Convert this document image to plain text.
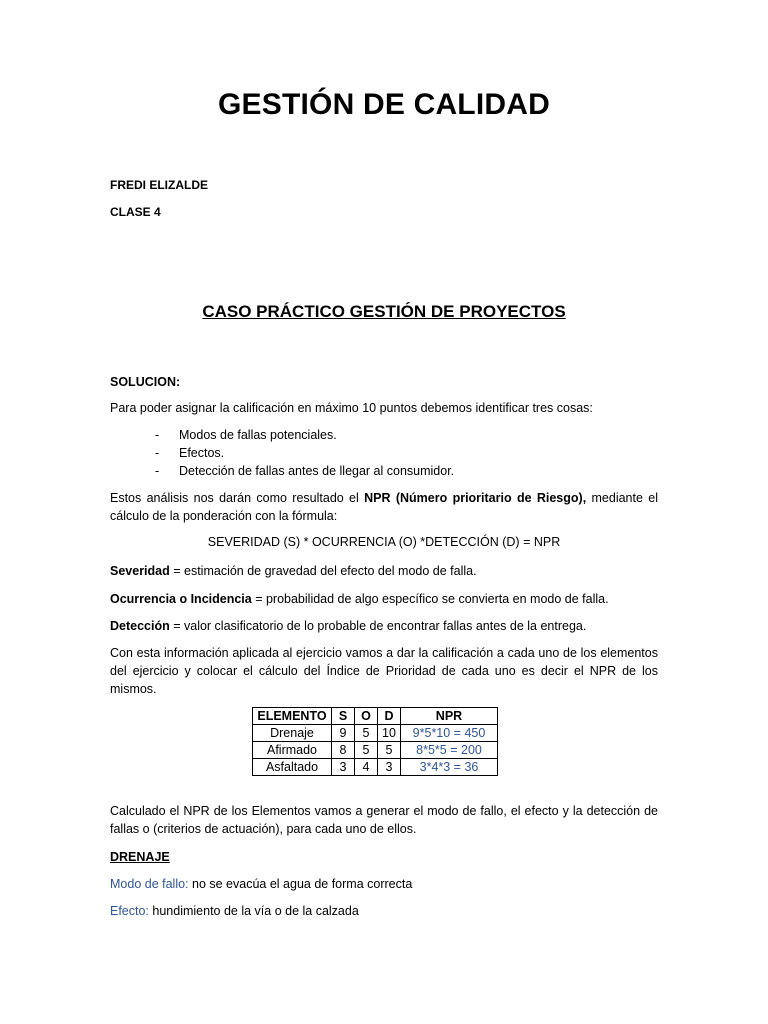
GESTIÓN DE CALIDAD
FREDI ELIZALDE
CLASE 4
CASO PRÁCTICO GESTIÓN DE PROYECTOS
SOLUCION:
Para poder asignar la calificación en máximo 10 puntos debemos identificar tres cosas:
- Modos de fallas potenciales.
- Efectos.
- Detección de fallas antes de llegar al consumidor.
Estos análisis nos darán como resultado el NPR (Número prioritario de Riesgo), mediante el cálculo de la ponderación con la fórmula:
SEVERIDAD (S) * OCURRENCIA (O) *DETECCIÓN (D) = NPR
Severidad = estimación de gravedad del efecto del modo de falla.
Ocurrencia o Incidencia = probabilidad de algo específico se convierta en modo de falla.
Detección = valor clasificatorio de lo probable de encontrar fallas antes de la entrega.
Con esta información aplicada al ejercicio vamos a dar la calificación a cada uno de los elementos del ejercicio y colocar el cálculo del Índice de Prioridad de cada uno es decir el NPR de los mismos.
ELEMENTO	S	O	D	NPR
Drenaje	9	5	10	9*5*10 = 450
Afirmado	8	5	5	8*5*5 = 200
Asfaltado	3	4	3	3*4*3 = 36
Calculado el NPR de los Elementos vamos a generar el modo de fallo, el efecto y la detección de fallas o (criterios de actuación), para cada uno de ellos.
DRENAJE
Modo de fallo: no se evacúa el agua de forma correcta
Efecto: hundimiento de la vía o de la calzada
